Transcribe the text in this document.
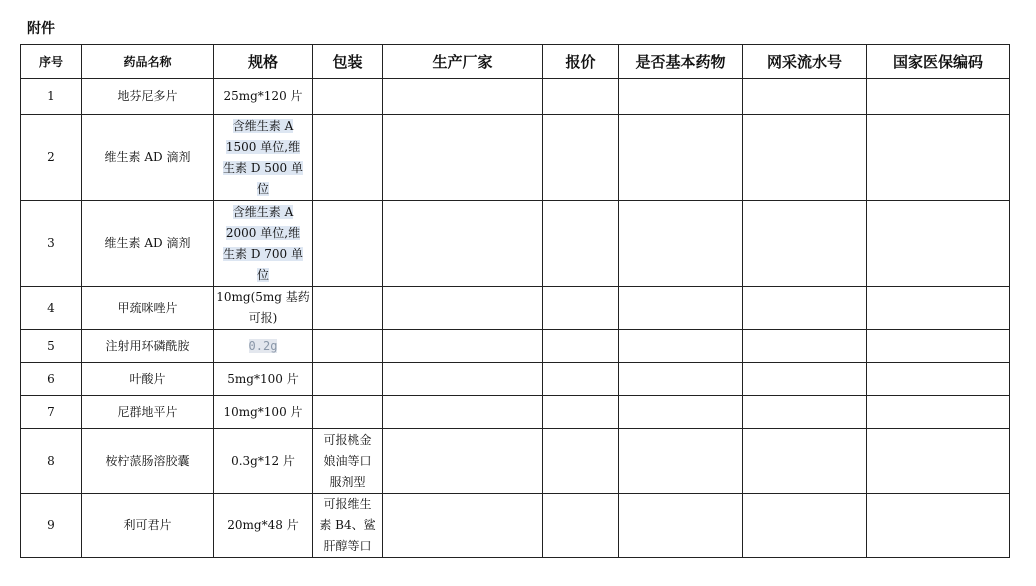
附件
序号	药品名称	规格	包装	生产厂家	报价	是否基本药物	网采流水号	国家医保编码
1	地芬尼多片	25mg*120 片						

2	维生素 AD 滴剂	含维生素 A
1500 单位,维
生素 D 500 单
位						

3	维生素 AD 滴剂	含维生素 A
2000 单位,维
生素 D 700 单
位						

4	甲巯咪唑片	10mg(5mg 基药
可报)						

5	注射用环磷酰胺	0.2g						

6	叶酸片	5mg*100 片						

7	尼群地平片	10mg*100 片						

8	桉柠蒎肠溶胶囊	0.3g*12 片	可报桃金
娘油等口
服剂型					

9	利可君片	20mg*48 片	可报维生
素 B4、鲨
肝醇等口					
